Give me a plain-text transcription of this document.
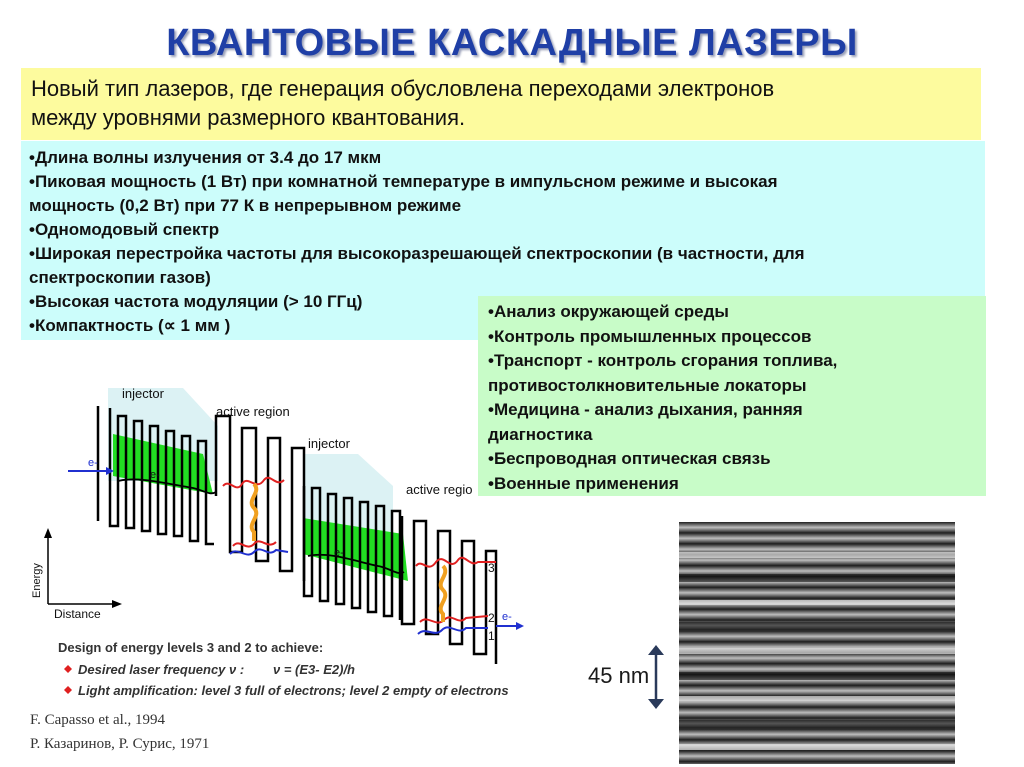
КВАНТОВЫЕ КАСКАДНЫЕ ЛАЗЕРЫ
Новый тип лазеров, где генерация обусловлена переходами электронов
между уровнями размерного квантования.
•Длина волны излучения от 3.4 до 17 мкм
•Пиковая мощность (1 Вт) при комнатной температуре в импульсном режиме и высокая
мощность (0,2 Вт) при 77 К в непрерывном режиме
•Одномодовый спектр
•Широкая перестройка частоты для высокоразрешающей спектроскопии (в частности, для
спектроскопии газов)
•Высокая частота модуляции (> 10 ГГц)
•Компактность (∝ 1 мм )
•Анализ окружающей среды
•Контроль промышленных процессов
•Транспорт - контроль сгорания топлива,
противостолкновительные локаторы
•Медицина - анализ дыхания, ранняя
диагностика
•Беспроводная оптическая связь
•Военные применения
injector
active region
injector
active regio
e-
e-
e-
e-
3
2
1
Energy
Distance
Design of energy levels 3 and 2 to achieve:
Desired laser frequency ν : ν = (E3- E2)/h
Light amplification: level 3 full of electrons; level 2 empty of electrons
F. Capasso et al., 1994
Р. Казаринов, Р. Сурис, 1971
45 nm
